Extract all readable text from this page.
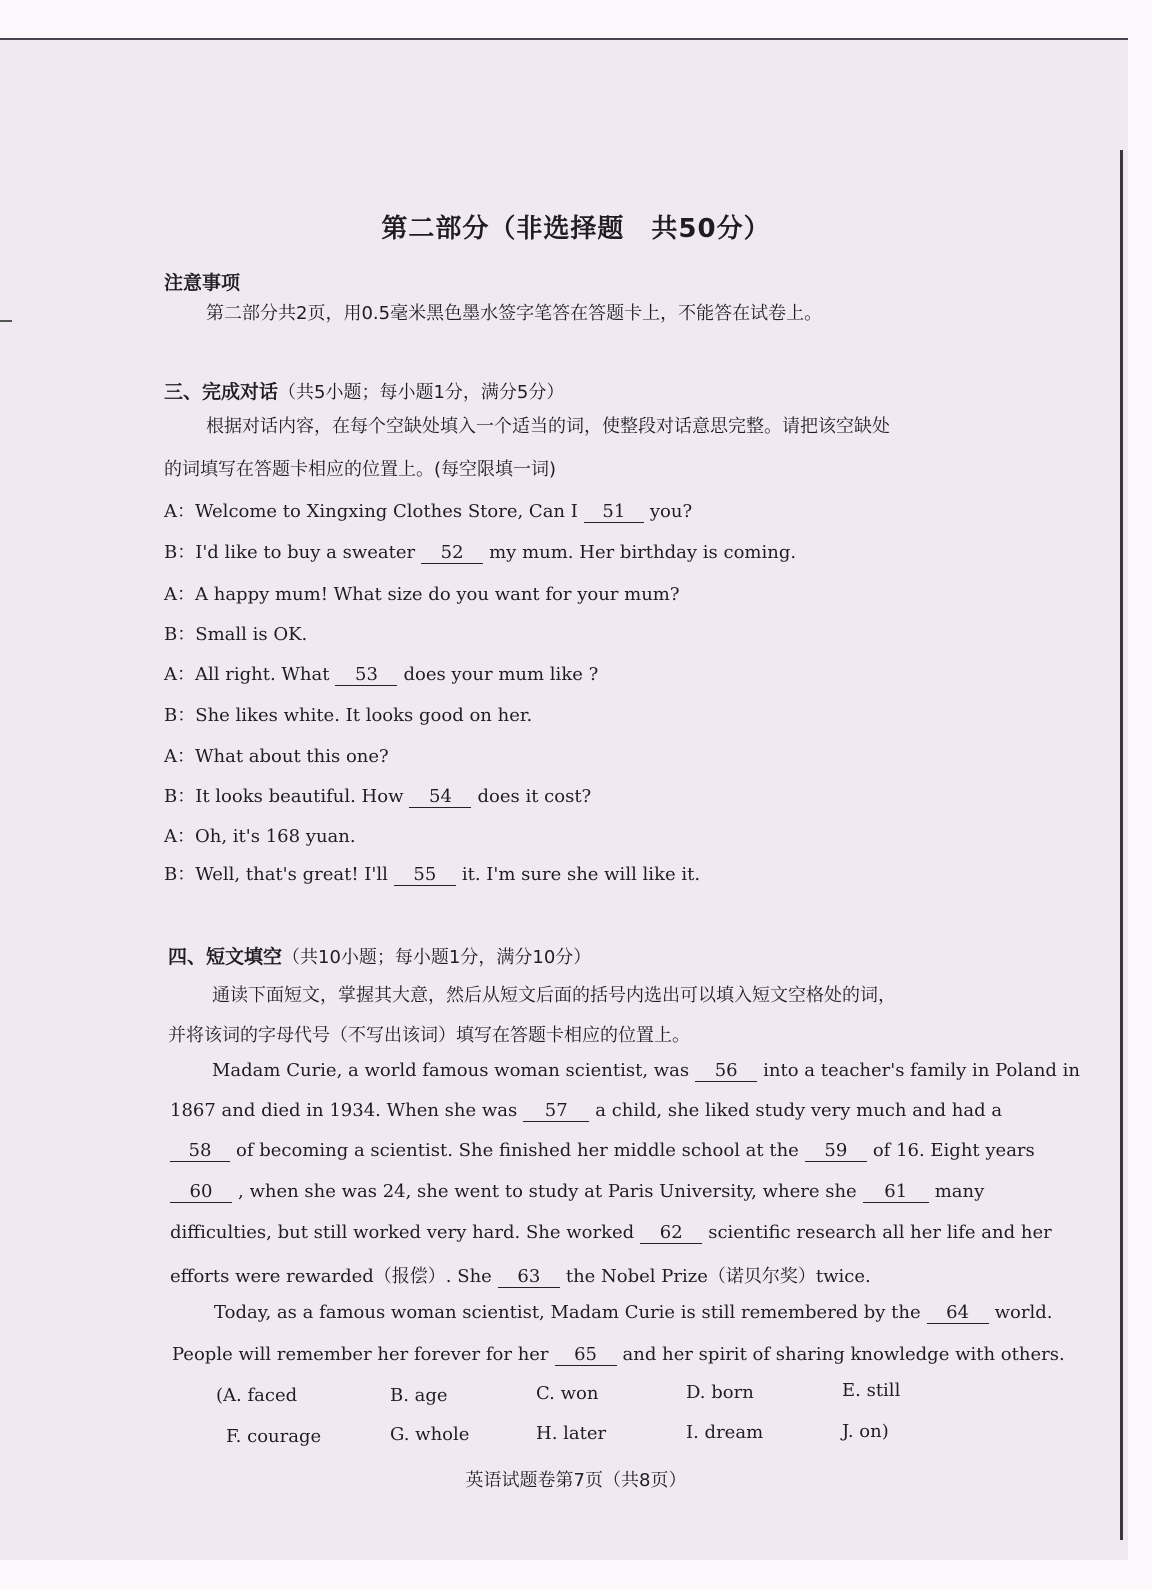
第二部分（非选择题　共50分）
注意事项
第二部分共2页，用0.5毫米黑色墨水签字笔答在答题卡上，不能答在试卷上。
三、完成对话（共5小题；每小题1分，满分5分）
根据对话内容，在每个空缺处填入一个适当的词，使整段对话意思完整。请把该空缺处
的词填写在答题卡相应的位置上。(每空限填一词)
A：Welcome to Xingxing Clothes Store, Can I 51 you?
B：I'd like to buy a sweater 52 my mum. Her birthday is coming.
A：A happy mum! What size do you want for your mum?
B：Small is OK.
A：All right. What 53 does your mum like ?
B：She likes white. It looks good on her.
A：What about this one?
B：It looks beautiful. How 54 does it cost?
A：Oh, it's 168 yuan.
B：Well, that's great! I'll 55 it. I'm sure she will like it.
四、短文填空（共10小题；每小题1分，满分10分）
通读下面短文，掌握其大意，然后从短文后面的括号内选出可以填入短文空格处的词，
并将该词的字母代号（不写出该词）填写在答题卡相应的位置上。
Madam Curie, a world famous woman scientist, was 56 into a teacher's family in Poland in
1867 and died in 1934. When she was 57 a child, she liked study very much and had a
58 of becoming a scientist. She finished her middle school at the 59 of 16. Eight years
60 , when she was 24, she went to study at Paris University, where she 61 many
difficulties, but still worked very hard. She worked 62 scientific research all her life and her
efforts were rewarded（报偿）. She 63 the Nobel Prize（诺贝尔奖）twice.
Today, as a famous woman scientist, Madam Curie is still remembered by the 64 world.
People will remember her forever for her 65 and her spirit of sharing knowledge with others.
(A. faced	B. age	C. won	D. born	E. still
F. courage	G. whole	H. later	I. dream	J. on)
英语试题卷第7页（共8页）
